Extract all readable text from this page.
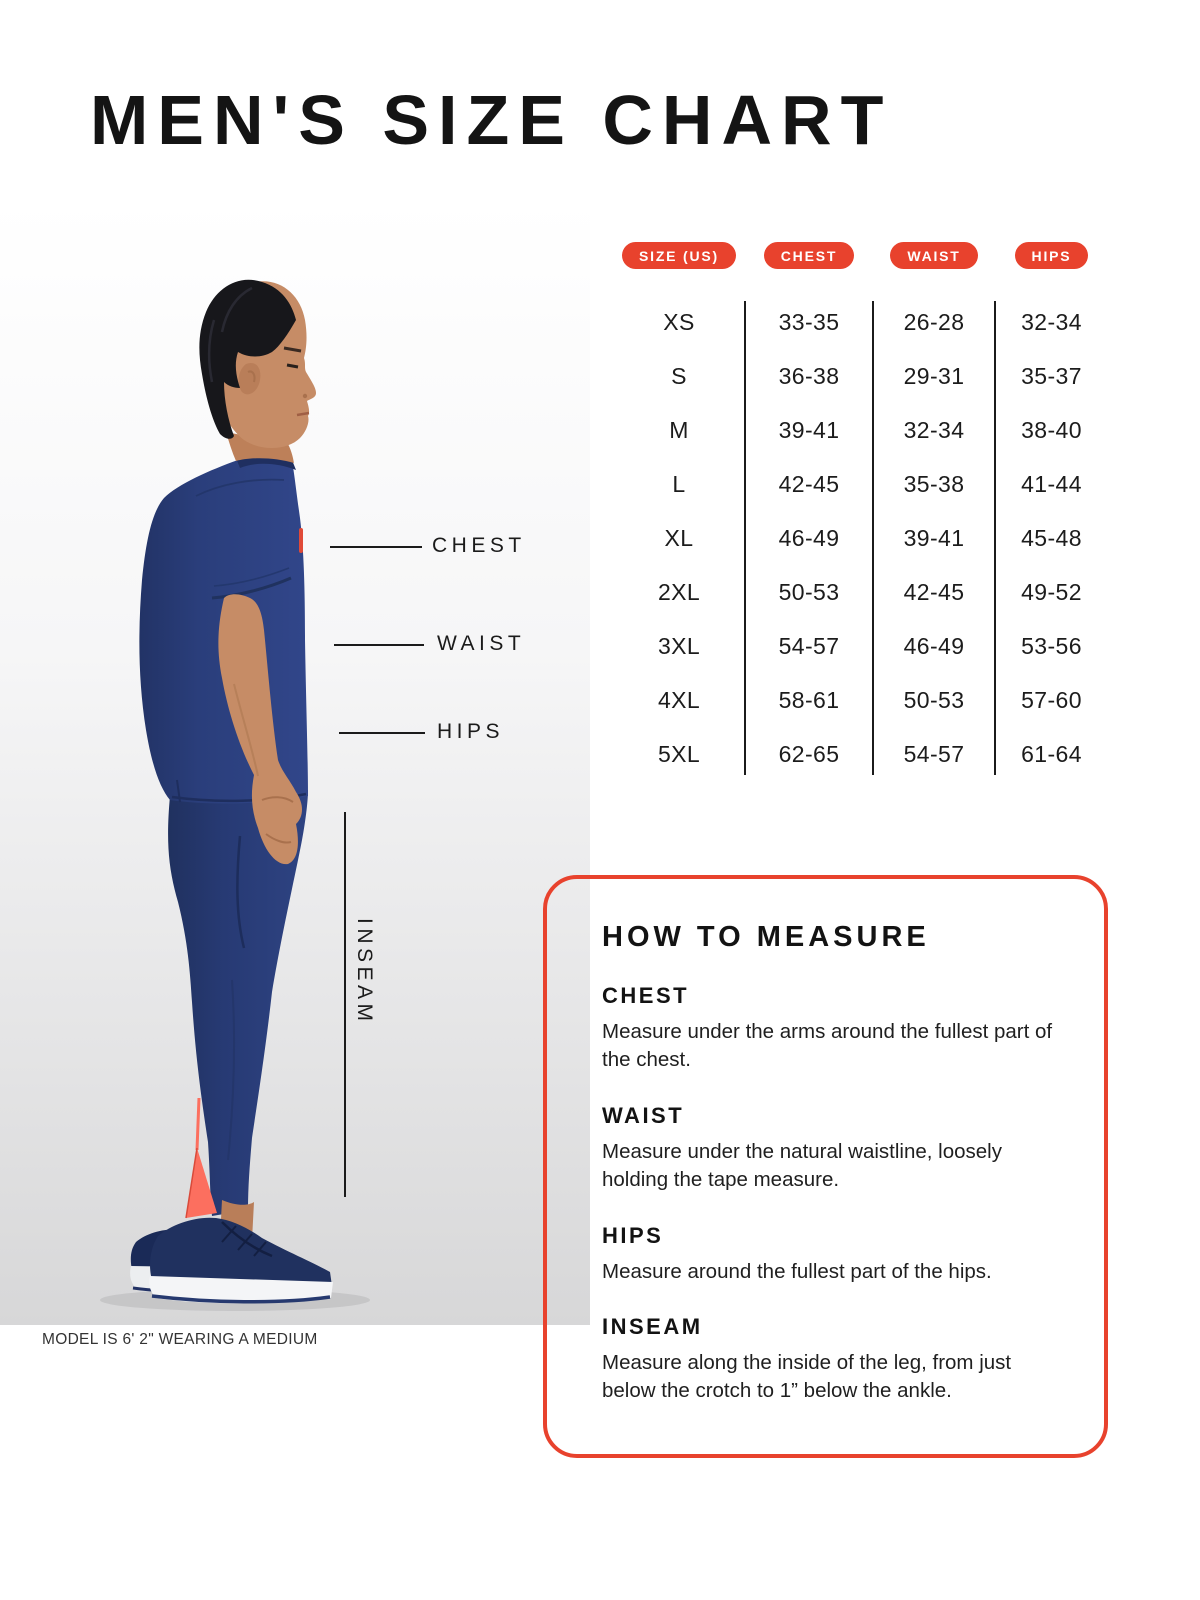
MEN'S SIZE CHART
CHEST
WAIST
HIPS
INSEAM
MODEL IS 6' 2" WEARING A MEDIUM
SIZE (US)	CHEST	WAIST	HIPS
XS	33-35	26-28	32-34
S	36-38	29-31	35-37
M	39-41	32-34	38-40
L	42-45	35-38	41-44
XL	46-49	39-41	45-48
2XL	50-53	42-45	49-52
3XL	54-57	46-49	53-56
4XL	58-61	50-53	57-60
5XL	62-65	54-57	61-64
HOW TO MEASURE
CHEST

Measure under the arms around the fullest part of the chest.

WAIST

Measure under the natural waistline, loosely holding the tape measure.

HIPS

Measure around the fullest part of the hips.

INSEAM

Measure along the inside of the leg, from just below the crotch to 1” below the ankle.
